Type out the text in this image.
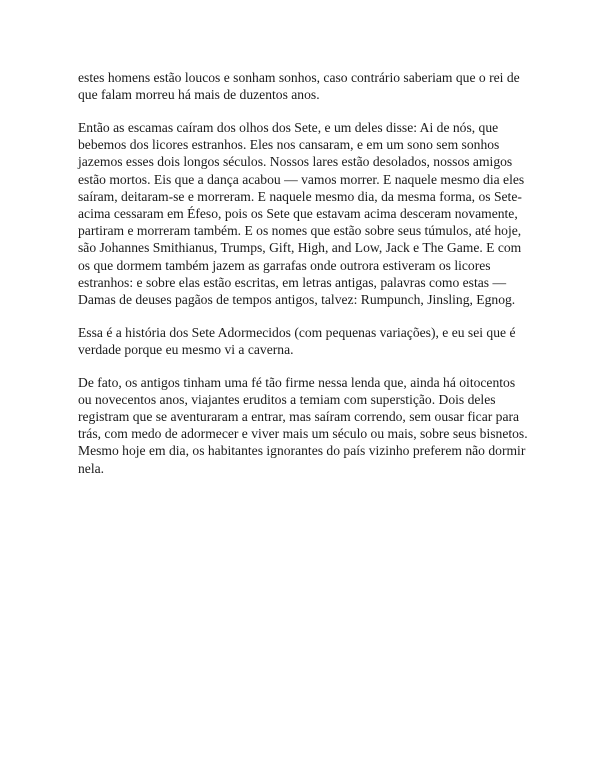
estes homens estão loucos e sonham sonhos, caso contrário saberiam que o rei de que falam morreu há mais de duzentos anos.

Então as escamas caíram dos olhos dos Sete, e um deles disse: Ai de nós, que bebemos dos licores estranhos. Eles nos cansaram, e em um sono sem sonhos jazemos esses dois longos séculos. Nossos lares estão desolados, nossos amigos estão mortos. Eis que a dança acabou — vamos morrer. E naquele mesmo dia eles saíram, deitaram-se e morreram. E naquele mesmo dia, da mesma forma, os Sete-acima cessaram em Éfeso, pois os Sete que estavam acima desceram novamente, partiram e morreram também. E os nomes que estão sobre seus túmulos, até hoje, são Johannes Smithianus, Trumps, Gift, High, and Low, Jack e The Game. E com os que dormem também jazem as garrafas onde outrora estiveram os licores estranhos: e sobre elas estão escritas, em letras antigas, palavras como estas — Damas de deuses pagãos de tempos antigos, talvez: Rumpunch, Jinsling, Egnog.

Essa é a história dos Sete Adormecidos (com pequenas variações), e eu sei que é verdade porque eu mesmo vi a caverna.

De fato, os antigos tinham uma fé tão firme nessa lenda que, ainda há oitocentos ou novecentos anos, viajantes eruditos a temiam com superstição. Dois deles registram que se aventuraram a entrar, mas saíram correndo, sem ousar ficar para trás, com medo de adormecer e viver mais um século ou mais, sobre seus bisnetos. Mesmo hoje em dia, os habitantes ignorantes do país vizinho preferem não dormir nela.
